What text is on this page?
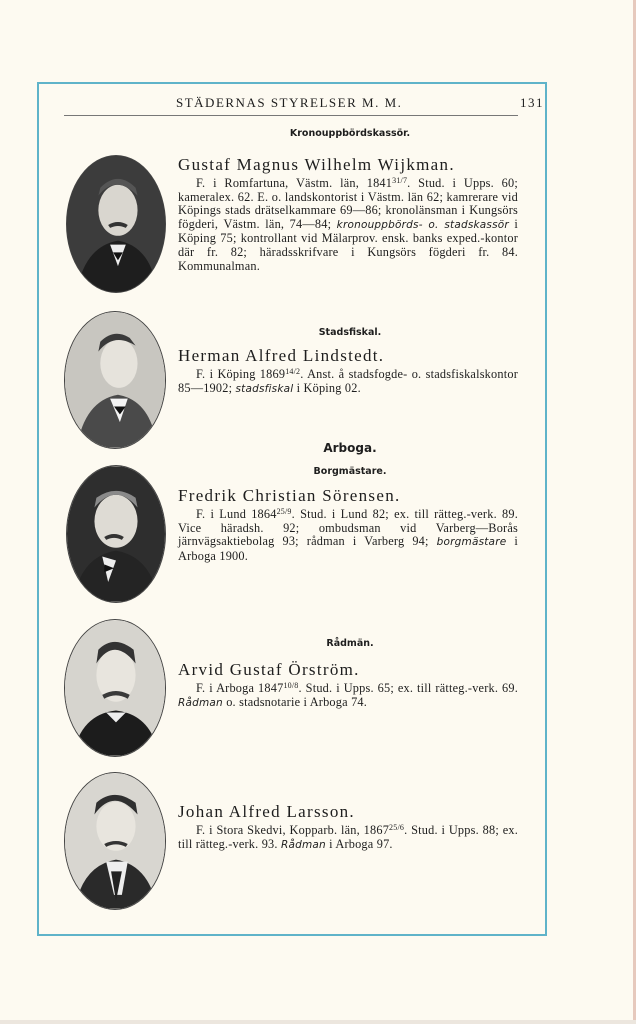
STÄDERNAS STYRELSER M. M.	131
Kronouppbördskassör.
Gustaf Magnus Wilhelm Wijkman.
F. i Romfartuna, Västm. län, $1841^{31/7}$. Stud. i Upps. 60; kameralex. 62. E. o. landskontorist i Västm. län 62; kamrerare vid Köpings stads drätselkammare 69—86; kronolänsman i Kungsörs fögderi, Västm. län, 74—84; kronouppbörds- o. stadskassör i Köping 75; kontrollant vid Mälarprov. ensk. banks exped.-kontor där fr. 82; häradsskrifvare i Kungsörs fögderi fr. 84. Kommunalman.
Stadsfiskal.
Herman Alfred Lindstedt.
F. i Köping $1869^{14/2}$. Anst. å stadsfogde- o. stadsfiskalskontor 85—1902; stadsfiskal i Köping 02.
Arboga.
Borgmästare.
Fredrik Christian Sörensen.
F. i Lund $1864^{25/9}$. Stud. i Lund 82; ex. till rätteg.-verk. 89. Vice häradsh. 92; ombudsman vid Varberg—Borås järnvägsaktiebolag 93; rådman i Varberg 94; borgmästare i Arboga 1900.
Rådmän.
Arvid Gustaf Örström.
F. i Arboga $1847^{10/8}$. Stud. i Upps. 65; ex. till rätteg.-verk. 69. Rådman o. stadsnotarie i Arboga 74.
Johan Alfred Larsson.
F. i Stora Skedvi, Kopparb. län, $1867^{25/6}$. Stud. i Upps. 88; ex. till rätteg.-verk. 93. Rådman i Arboga 97.
